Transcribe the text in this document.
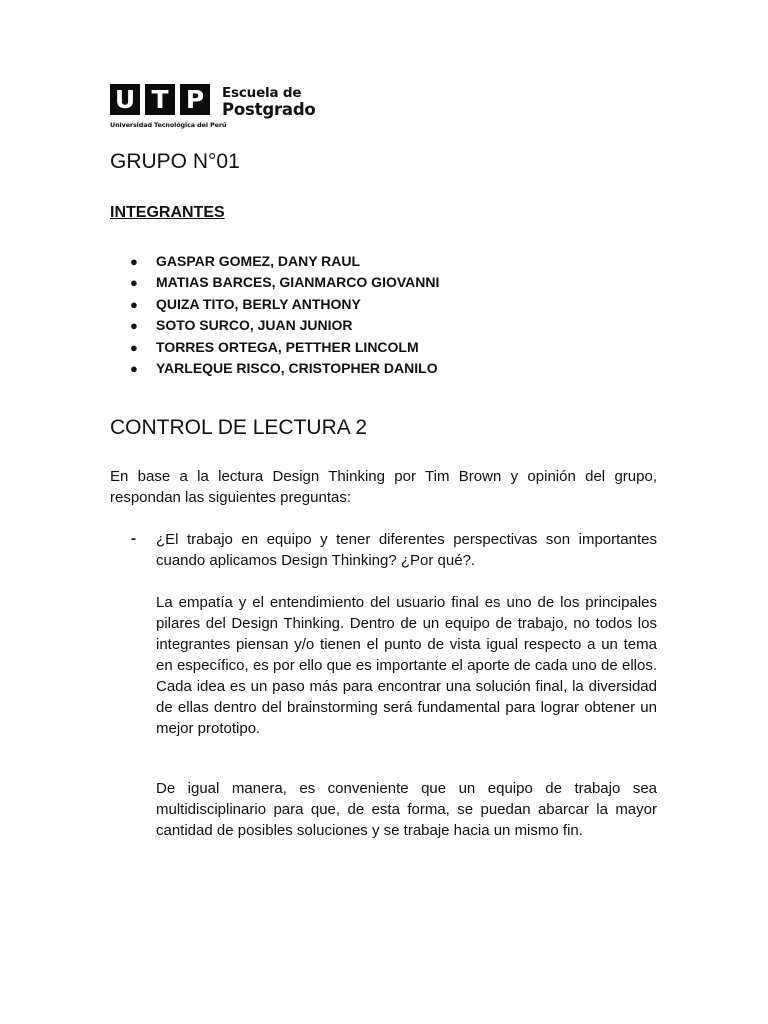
U T P	Escuela de
Postgrado
Universidad Tecnológica del Perú
GRUPO N°01
INTEGRANTES
● GASPAR GOMEZ, DANY RAUL
● MATIAS BARCES, GIANMARCO GIOVANNI
● QUIZA TITO, BERLY ANTHONY
● SOTO SURCO, JUAN JUNIOR
● TORRES ORTEGA, PETTHER LINCOLM
● YARLEQUE RISCO, CRISTOPHER DANILO
CONTROL DE LECTURA 2

En base a la lectura Design Thinking por Tim Brown y opinión del grupo, respondan las siguientes preguntas:

- ¿El trabajo en equipo y tener diferentes perspectivas son importantes cuando aplicamos Design Thinking? ¿Por qué?.

La empatía y el entendimiento del usuario final es uno de los principales pilares del Design Thinking. Dentro de un equipo de trabajo, no todos los integrantes piensan y/o tienen el punto de vista igual respecto a un tema en específico, es por ello que es importante el aporte de cada uno de ellos. Cada idea es un paso más para encontrar una solución final, la diversidad de ellas dentro del brainstorming será fundamental para lograr obtener un mejor prototipo.

De igual manera, es conveniente que un equipo de trabajo sea multidisciplinario para que, de esta forma, se puedan abarcar la mayor cantidad de posibles soluciones y se trabaje hacia un mismo fin.
